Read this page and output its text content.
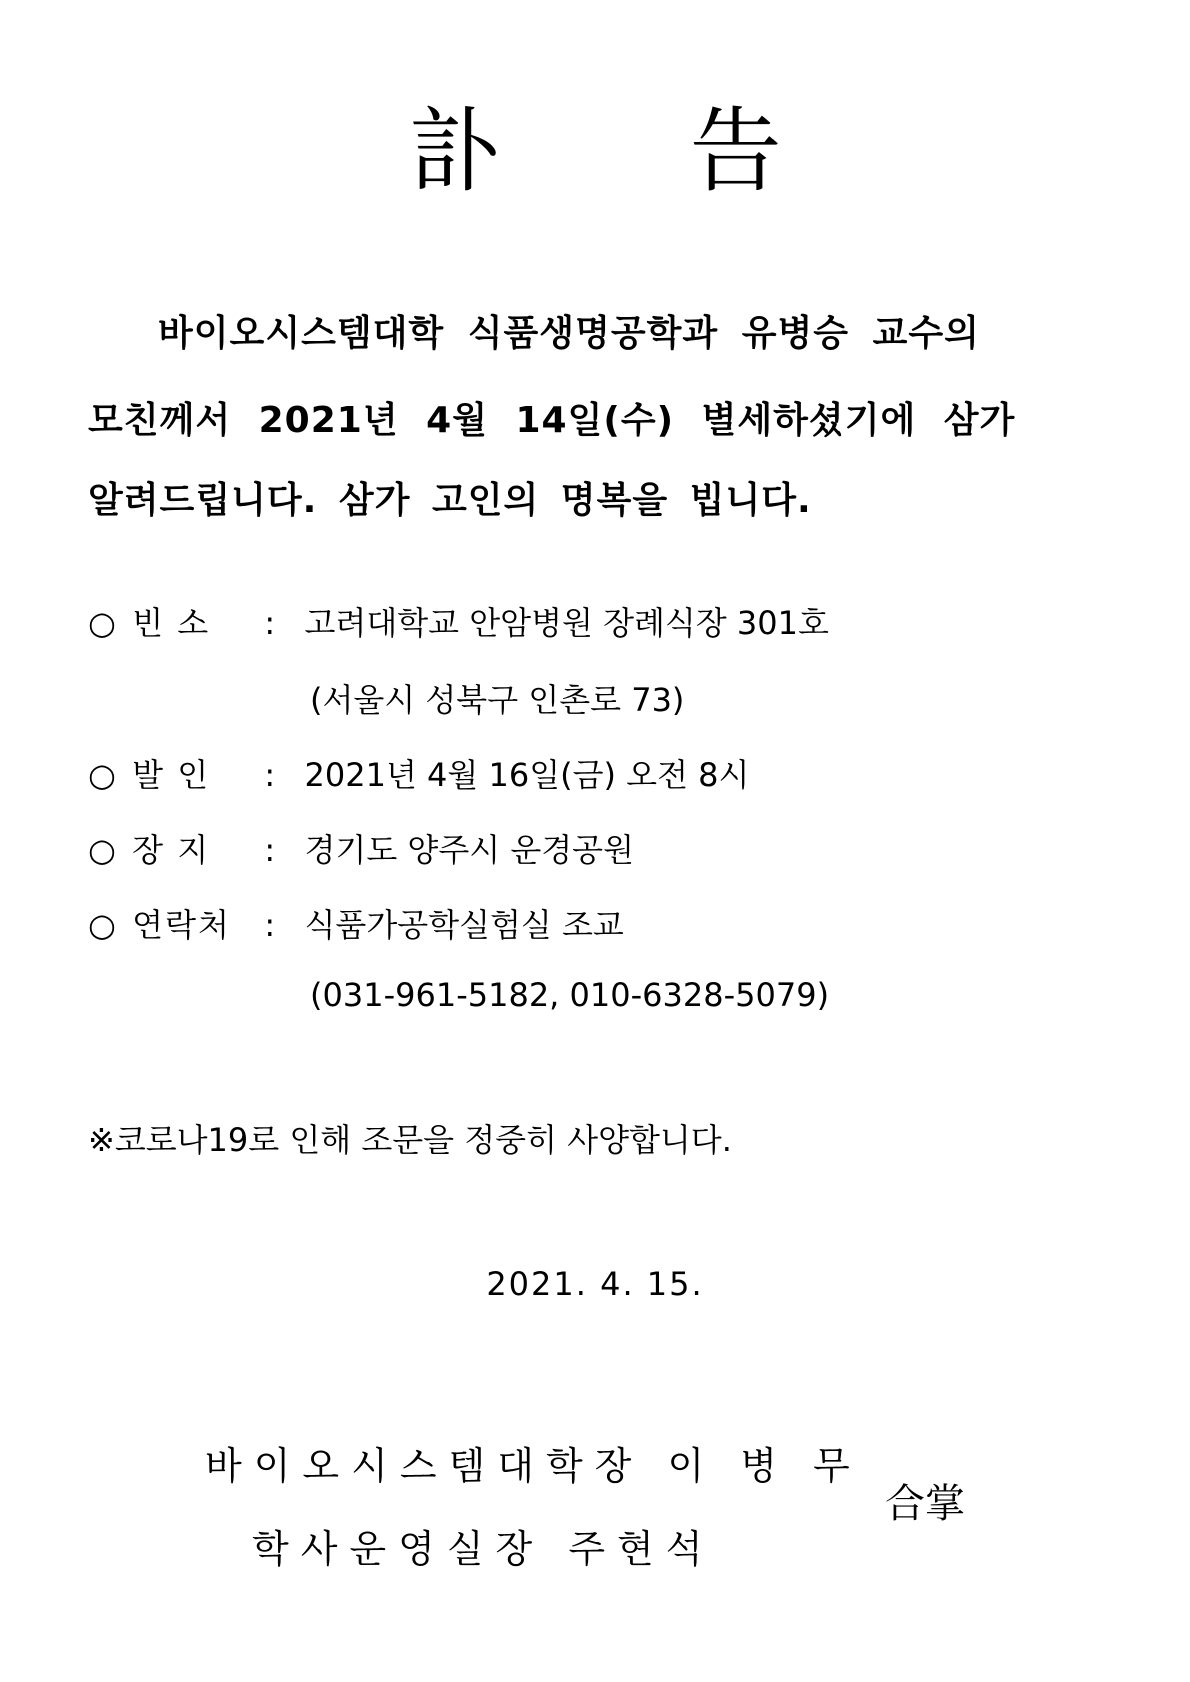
訃 告
바이오시스템대학 식품생명공학과 유병승 교수의
모친께서 2021년 4월 14일(수) 별세하셨기에 삼가
알려드립니다. 삼가 고인의 명복을 빕니다.
○ 빈 소 : 고려대학교 안암병원 장례식장 301호
(서울시 성북구 인촌로 73)
○ 발 인 : 2021년 4월 16일(금) 오전 8시
○ 장 지 : 경기도 양주시 운경공원
○ 연락처 : 식품가공학실험실 조교
(031-961-5182, 010-6328-5079)
※코로나19로 인해 조문을 정중히 사양합니다.
2021. 4. 15.
바이오시스템대학장 이 병 무
학사운영실장 주현석
合掌
